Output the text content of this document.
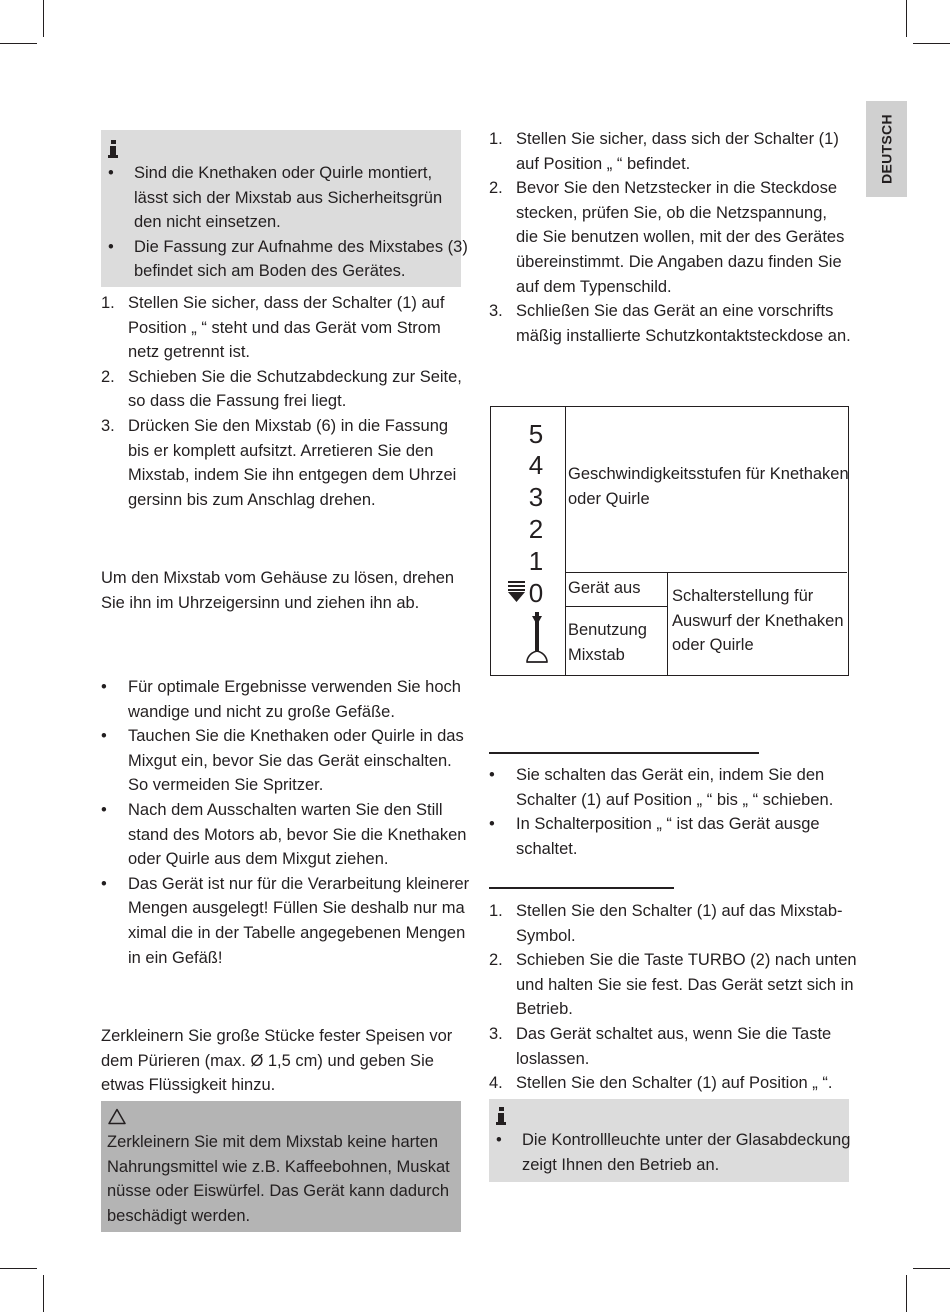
DEUTSCH
• Sind die Knethaken oder Quirle montiert,
lässt sich der Mixstab aus Sicherheitsgrün
den nicht einsetzen.
• Die Fassung zur Aufnahme des Mixstabes (3)
befindet sich am Boden des Gerätes.
1. Stellen Sie sicher, dass der Schalter (1) auf
Position „ “ steht und das Gerät vom Strom
netz getrennt ist.
2. Schieben Sie die Schutzabdeckung zur Seite,
so dass die Fassung frei liegt.
3. Drücken Sie den Mixstab (6) in die Fassung
bis er komplett aufsitzt. Arretieren Sie den
Mixstab, indem Sie ihn entgegen dem Uhrzei
gersinn bis zum Anschlag drehen.
Um den Mixstab vom Gehäuse zu lösen, drehen
Sie ihn im Uhrzeigersinn und ziehen ihn ab.
• Für optimale Ergebnisse verwenden Sie hoch
wandige und nicht zu große Gefäße.
• Tauchen Sie die Knethaken oder Quirle in das
Mixgut ein, bevor Sie das Gerät einschalten.
So vermeiden Sie Spritzer.
• Nach dem Ausschalten warten Sie den Still
stand des Motors ab, bevor Sie die Knethaken
oder Quirle aus dem Mixgut ziehen.
• Das Gerät ist nur für die Verarbeitung kleinerer
Mengen ausgelegt! Füllen Sie deshalb nur ma
ximal die in der Tabelle angegebenen Mengen
in ein Gefäß!
Zerkleinern Sie große Stücke fester Speisen vor
dem Pürieren (max. Ø 1,5 cm) und geben Sie
etwas Flüssigkeit hinzu.
Zerkleinern Sie mit dem Mixstab keine harten
Nahrungsmittel wie z.B. Kaffeebohnen, Muskat
nüsse oder Eiswürfel. Das Gerät kann dadurch
beschädigt werden.
1. Stellen Sie sicher, dass sich der Schalter (1)
auf Position „ “ befindet.
2. Bevor Sie den Netzstecker in die Steckdose
stecken, prüfen Sie, ob die Netzspannung,
die Sie benutzen wollen, mit der des Gerätes
übereinstimmt. Die Angaben dazu finden Sie
auf dem Typenschild.
3. Schließen Sie das Gerät an eine vorschrifts
mäßig installierte Schutzkontaktsteckdose an.
5
4
3
2
1
0
Geschwindigkeitsstufen für Knethaken
oder Quirle
Gerät aus
Benutzung
Mixstab
Schalterstellung für
Auswurf der Knethaken
oder Quirle
• Sie schalten das Gerät ein, indem Sie den
Schalter (1) auf Position „ “ bis „ “ schieben.
• In Schalterposition „ “ ist das Gerät ausge
schaltet.
1. Stellen Sie den Schalter (1) auf das Mixstab-
Symbol.
2. Schieben Sie die Taste TURBO (2) nach unten
und halten Sie sie fest. Das Gerät setzt sich in
Betrieb.
3. Das Gerät schaltet aus, wenn Sie die Taste
loslassen.
4. Stellen Sie den Schalter (1) auf Position „ “.
• Die Kontrollleuchte unter der Glasabdeckung
zeigt Ihnen den Betrieb an.
